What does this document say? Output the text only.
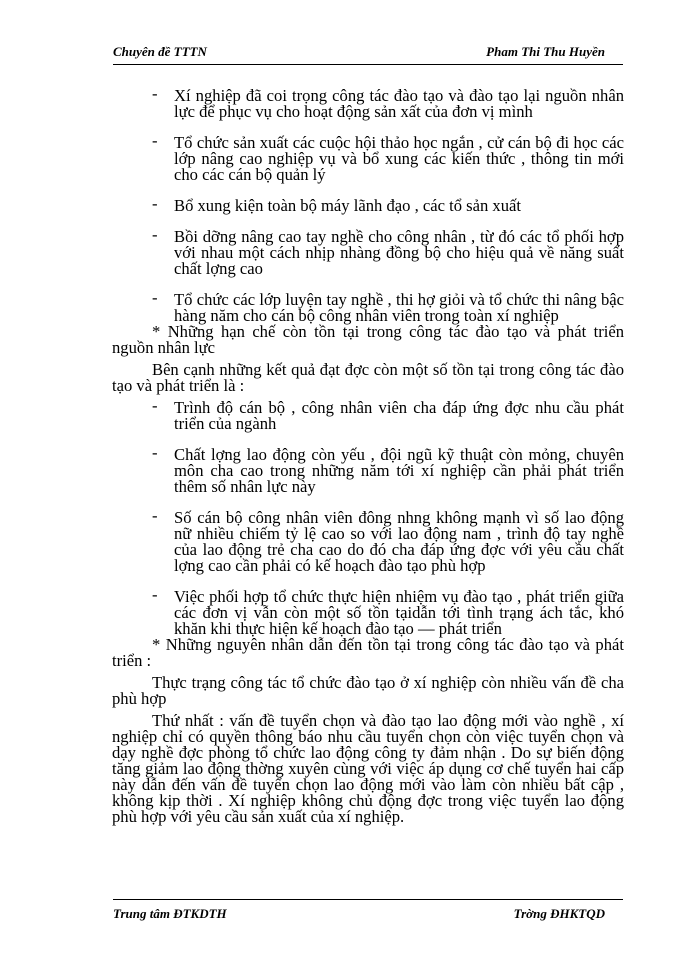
Chuyên đề TTTN	Pham Thi Thu Huyền
- Xí nghiệp đã coi trọng công tác đào tạo và đào tạo lại nguồn nhân lực để phục vụ cho hoạt động sản xất của đơn vị mình
- Tổ chức sản xuất các cuộc hội thảo học ngắn , cử cán bộ đi học các lớp nâng cao nghiệp vụ và bổ xung các kiến thức , thông tin mới cho các cán bộ quản lý
- Bổ xung kiện toàn bộ máy lãnh đạo , các tổ sản xuất
- Bồi dỡng nâng cao tay nghề cho công nhân , từ đó các tổ phối hợp với nhau một cách nhịp nhàng đồng bộ cho hiệu quả về năng suất chất lợng cao
- Tổ chức các lớp luyện tay nghề , thi hợ giỏi và tổ chức thi nâng bậc hàng năm cho cán bộ công nhân viên trong toàn xí nghiệp

* Những hạn chế còn tồn tại trong công tác đào tạo và phát triển nguồn nhân lực

Bên cạnh những kết quả đạt đợc còn một số tồn tại trong công tác đào tạo và phát triển là :

- Trình độ cán bộ , công nhân viên cha đáp ứng đợc nhu cầu phát triển của ngành
- Chất lợng lao động còn yếu , đội ngũ kỹ thuật còn mỏng, chuyên môn cha cao trong những năm tới xí nghiệp cần phải phát triển thêm số nhân lực này
- Số cán bộ công nhân viên đông nhng không mạnh vì số lao động nữ nhiều chiếm tỷ lệ cao so với lao động nam , trình độ tay nghề của lao động trẻ cha cao do đó cha đáp ứng đợc với yêu cầu chất lợng cao cần phải có kế hoạch đào tạo phù hợp
- Việc phối hợp tổ chức thực hiện nhiệm vụ đào tạo , phát triển giữa các đơn vị vẫn còn một số tồn tạidẫn tới tình trạng ách tắc, khó khăn khi thực hiện kế hoạch đào tạo — phát triển

* Những nguyên nhân dẫn đến tồn tại trong công tác đào tạo và phát triển :

Thực trạng công tác tổ chức đào tạo ở xí nghiệp còn nhiều vấn đề cha phù hợp

Thứ nhất : vấn đề tuyển chọn và đào tạo lao động mới vào nghề , xí nghiệp chỉ có quyền thông báo nhu cầu tuyển chọn còn việc tuyển chọn và dạy nghề đợc phòng tổ chức lao động công ty đảm nhận . Do sự biến động tăng giảm lao động thờng xuyên cùng với việc áp dụng cơ chế tuyển hai cấp này dẫn đến vấn đề tuyển chọn lao động mới vào làm còn nhiều bất cập , không kịp thời . Xí nghiệp không chủ động đợc trong việc tuyển lao động phù hợp với yêu cầu sản xuất của xí nghiệp.

Trung tâm ĐTKDTH	Trờng ĐHKTQD
